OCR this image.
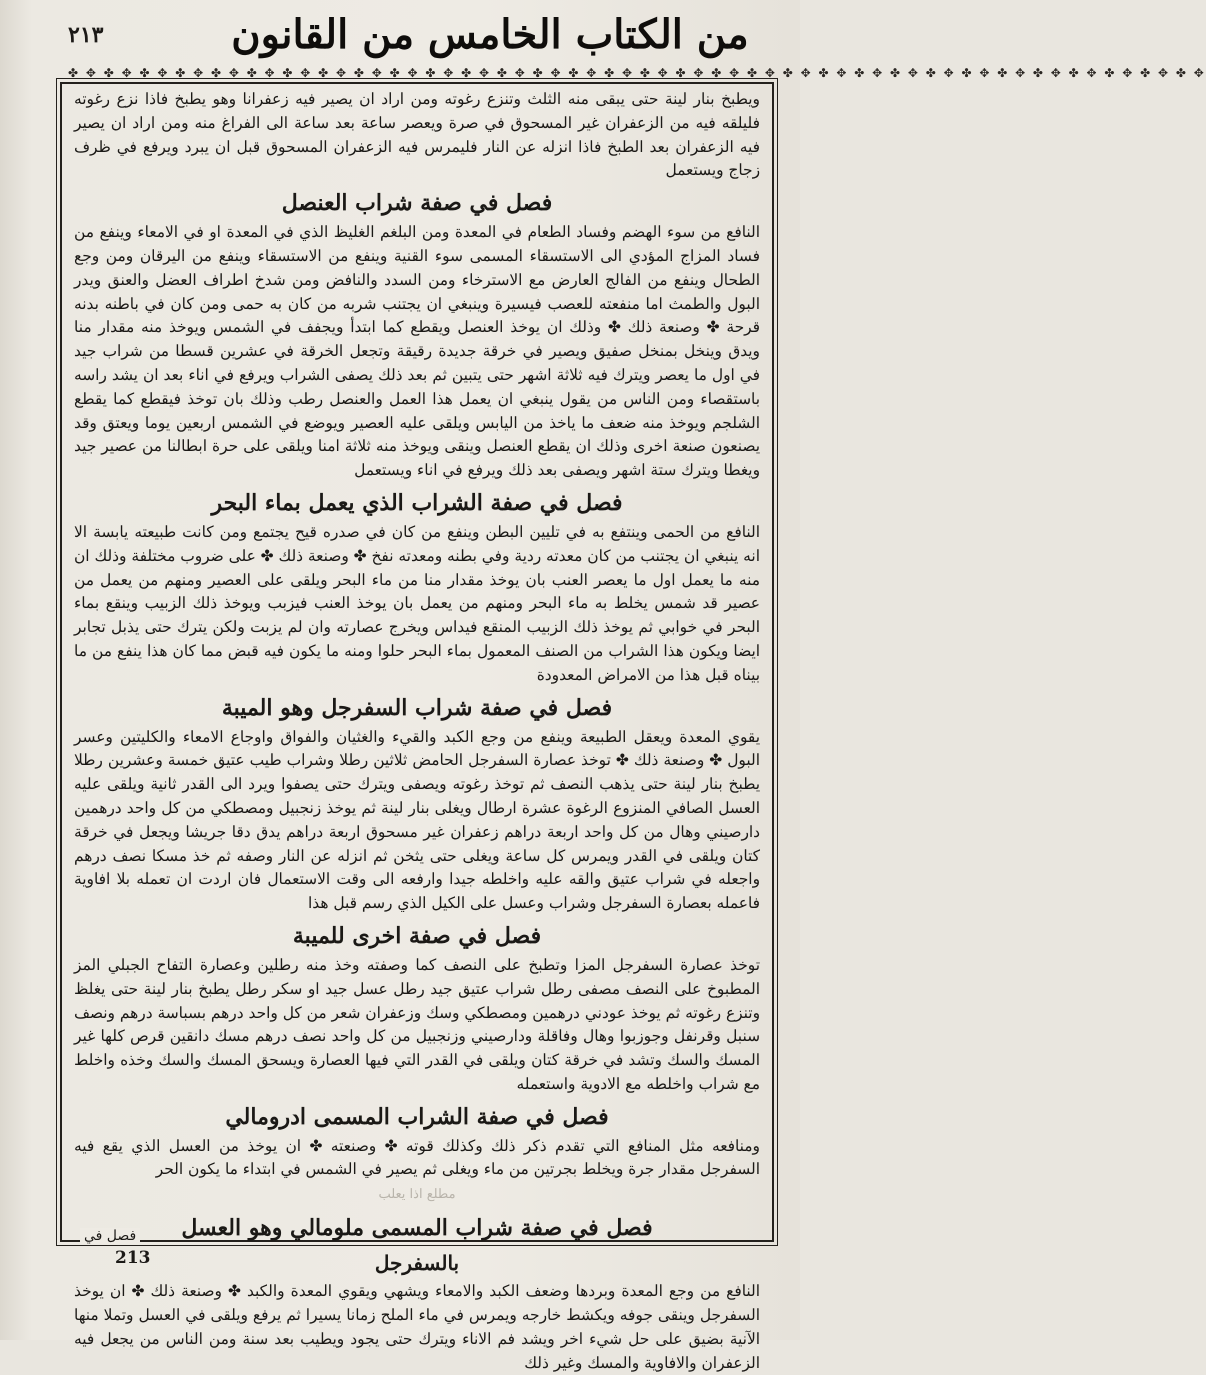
٢١٣	من الكتاب الخامس من القانون
✤ ✥ ✤ ✥ ✤ ✥ ✤ ✥ ✤ ✥ ✤ ✥ ✤ ✥ ✤ ✥ ✤ ✥ ✤ ✥ ✤ ✥ ✤ ✥ ✤ ✥ ✤ ✥ ✤ ✥ ✤ ✥ ✤ ✥ ✤ ✥ ✤ ✥ ✤ ✥ ✤ ✥ ✤ ✥ ✤ ✥ ✤ ✥ ✤ ✥ ✤ ✥ ✤ ✥ ✤ ✥ ✤ ✥ ✤ ✥ ✤ ✥ ✤ ✥

ويطبخ بنار لينة حتى يبقى منه الثلث وتنزع رغوته ومن اراد ان يصير فيه زعفرانا وهو يطبخ فاذا نزع رغوته فليلقه فيه من الزعفران غير المسحوق في صرة ويعصر ساعة بعد ساعة الى الفراغ منه ومن اراد ان يصير فيه الزعفران بعد الطبخ فاذا انزله عن النار فليمرس فيه الزعفران المسحوق قبل ان يبرد ويرفع في ظرف زجاج ويستعمل

فصل في صفة شراب العنصل

النافع من سوء الهضم وفساد الطعام في المعدة ومن البلغم الغليظ الذي في المعدة او في الامعاء وينفع من فساد المزاج المؤدي الى الاستسقاء المسمى سوء القنية وينفع من الاستسقاء وينفع من اليرقان ومن وجع الطحال وينفع من الفالج العارض مع الاسترخاء ومن السدد والنافض ومن شدخ اطراف العضل والعنق ويدر البول والطمث اما منفعته للعصب فيسيرة وينبغي ان يجتنب شربه من كان به حمى ومن كان في باطنه بدنه قرحة ✤ وصنعة ذلك ✤ وذلك ان يوخذ العنصل ويقطع كما ابتدأ ويجفف في الشمس ويوخذ منه مقدار منا ويدق وينخل بمنخل صفيق ويصير في خرقة جديدة رقيقة وتجعل الخرقة في عشرين قسطا من شراب جيد في اول ما يعصر ويترك فيه ثلاثة اشهر حتى يتبين ثم بعد ذلك يصفى الشراب ويرفع في اناء بعد ان يشد راسه باستقصاء ومن الناس من يقول ينبغي ان يعمل هذا العمل والعنصل رطب وذلك بان توخذ فيقطع كما يقطع الشلجم ويوخذ منه ضعف ما ياخذ من اليابس ويلقى عليه العصير ويوضع في الشمس اربعين يوما ويعتق وقد يصنعون صنعة اخرى وذلك ان يقطع العنصل وينقى ويوخذ منه ثلاثة امنا ويلقى على حرة ابطالنا من عصير جيد ويغطا ويترك ستة اشهر ويصفى بعد ذلك ويرفع في اناء ويستعمل

فصل في صفة الشراب الذي يعمل بماء البحر

النافع من الحمى وينتفع به في تليين البطن وينفع من كان في صدره قيح يجتمع ومن كانت طبيعته يابسة الا انه ينبغي ان يجتنب من كان معدته ردية وفي بطنه ومعدته نفخ ✤ وصنعة ذلك ✤ على ضروب مختلفة وذلك ان منه ما يعمل اول ما يعصر العنب بان يوخذ مقدار منا من ماء البحر ويلقى على العصير ومنهم من يعمل من عصير قد شمس يخلط به ماء البحر ومنهم من يعمل بان يوخذ العنب فيزبب ويوخذ ذلك الزبيب وينقع بماء البحر في خوابي ثم يوخذ ذلك الزبيب المنقع فيداس ويخرج عصارته وان لم يزبت ولكن يترك حتى يذبل تجابر ايضا ويكون هذا الشراب من الصنف المعمول بماء البحر حلوا ومنه ما يكون فيه قبض مما كان هذا ينفع من ما بيناه قبل هذا من الامراض المعدودة

فصل في صفة شراب السفرجل وهو الميبة

يقوي المعدة ويعقل الطبيعة وينفع من وجع الكبد والقيء والغثيان والفواق واوجاع الامعاء والكليتين وعسر البول ✤ وصنعة ذلك ✤ توخذ عصارة السفرجل الحامض ثلاثين رطلا وشراب طيب عتيق خمسة وعشرين رطلا يطبخ بنار لينة حتى يذهب النصف ثم توخذ رغوته ويصفى ويترك حتى يصفوا ويرد الى القدر ثانية ويلقى عليه العسل الصافي المنزوع الرغوة عشرة ارطال ويغلى بنار لينة ثم يوخذ زنجبيل ومصطكي من كل واحد درهمين دارصيني وهال من كل واحد اربعة دراهم زعفران غير مسحوق اربعة دراهم يدق دقا جريشا ويجعل في خرقة كتان ويلقى في القدر ويمرس كل ساعة ويغلى حتى يثخن ثم انزله عن النار وصفه ثم خذ مسكا نصف درهم واجعله في شراب عتيق والقه عليه واخلطه جيدا وارفعه الى وقت الاستعمال فان اردت ان تعمله بلا افاوية فاعمله بعصارة السفرجل وشراب وعسل على الكيل الذي رسم قبل هذا

فصل في صفة اخرى للميبة

توخذ عصارة السفرجل المزا وتطبخ على النصف كما وصفته وخذ منه رطلين وعصارة التفاح الجبلي المز المطبوخ على النصف مصفى رطل شراب عتيق جيد رطل عسل جيد او سكر رطل يطبخ بنار لينة حتى يغلظ وتنزع رغوته ثم يوخذ عودني درهمين ومصطكي وسك وزعفران شعر من كل واحد درهم بسباسة درهم ونصف سنبل وقرنفل وجوزبوا وهال وفاقلة ودارصيني وزنجبيل من كل واحد نصف درهم مسك دانقين قرص كلها غير المسك والسك وتشد في خرقة كتان ويلقى في القدر التي فيها العصارة ويسحق المسك والسك وخذه واخلط مع شراب واخلطه مع الادوية واستعمله

فصل في صفة الشراب المسمى ادرومالي

ومنافعه مثل المنافع التي تقدم ذكر ذلك وكذلك قوته ✤ وصنعته ✤ ان يوخذ من العسل الذي يقع فيه السفرجل مقدار جرة ويخلط بجرتين من ماء ويغلى ثم يصير في الشمس في ابتداء ما يكون الحر

مطلع اذا يعلب

فصل في صفة شراب المسمى ملومالي وهو العسل
بالسفرجل

النافع من وجع المعدة وبردها وضعف الكبد والامعاء ويشهي ويقوي المعدة والكبد ✤ وصنعة ذلك ✤ ان يوخذ السفرجل وينقى جوفه ويكشط خارجه ويمرس في ماء الملح زمانا يسيرا ثم يرفع ويلقى في العسل وتملا منها الآنية بضيق على حل شيء اخر ويشد فم الاناء ويترك حتى يجود ويطيب بعد سنة ومن الناس من يجعل فيه الزعفران والافاوية والمسك وغير ذلك

فصل في
213
